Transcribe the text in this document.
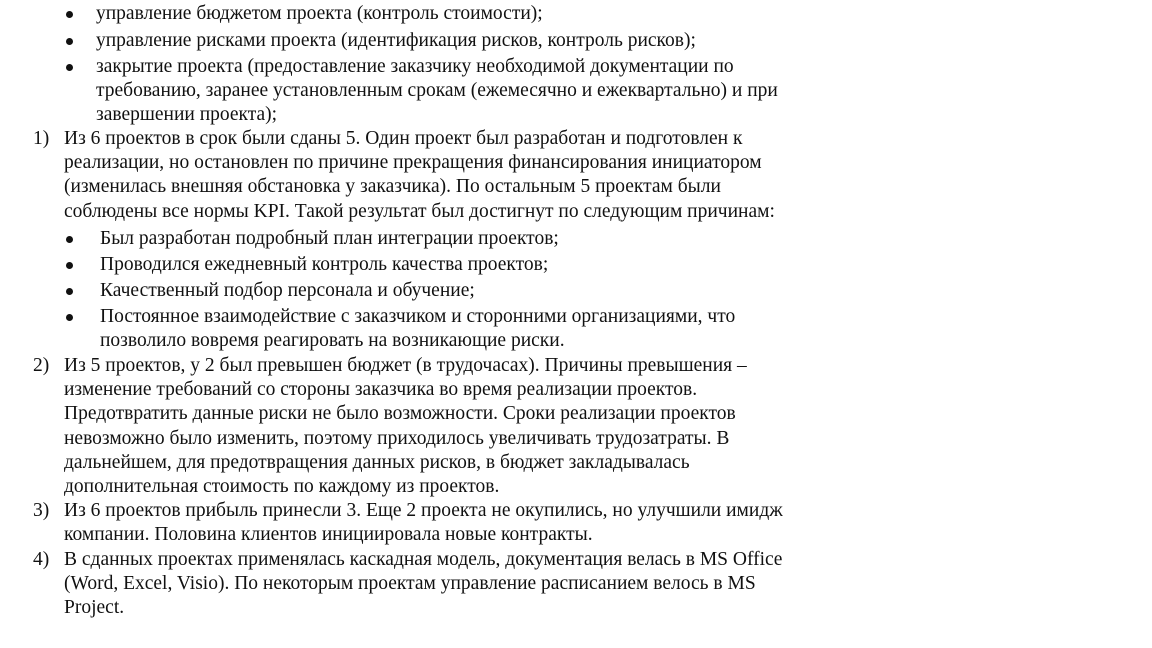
управление бюджетом проекта (контроль стоимости);
управление рисками проекта (идентификация рисков, контроль рисков);
закрытие проекта (предоставление заказчику необходимой документации по
требованию, заранее установленным срокам (ежемесячно и ежеквартально) и при
завершении проекта);
1) Из 6 проектов в срок были сданы 5. Один проект был разработан и подготовлен к
реализации, но остановлен по причине прекращения финансирования инициатором
(изменилась внешняя обстановка у заказчика). По остальным 5 проектам были
соблюдены все нормы KPI. Такой результат был достигнут по следующим причинам:
Был разработан подробный план интеграции проектов;
Проводился ежедневный контроль качества проектов;
Качественный подбор персонала и обучение;
Постоянное взаимодействие с заказчиком и сторонними организациями, что
позволило вовремя реагировать на возникающие риски.
2) Из 5 проектов, у 2 был превышен бюджет (в трудочасах). Причины превышения –
изменение требований со стороны заказчика во время реализации проектов.
Предотвратить данные риски не было возможности. Сроки реализации проектов
невозможно было изменить, поэтому приходилось увеличивать трудозатраты. В
дальнейшем, для предотвращения данных рисков, в бюджет закладывалась
дополнительная стоимость по каждому из проектов.
3) Из 6 проектов прибыль принесли 3. Еще 2 проекта не окупились, но улучшили имидж
компании. Половина клиентов инициировала новые контракты.
4) В сданных проектах применялась каскадная модель, документация велась в MS Office
(Word, Excel, Visio). По некоторым проектам управление расписанием велось в MS
Project.
